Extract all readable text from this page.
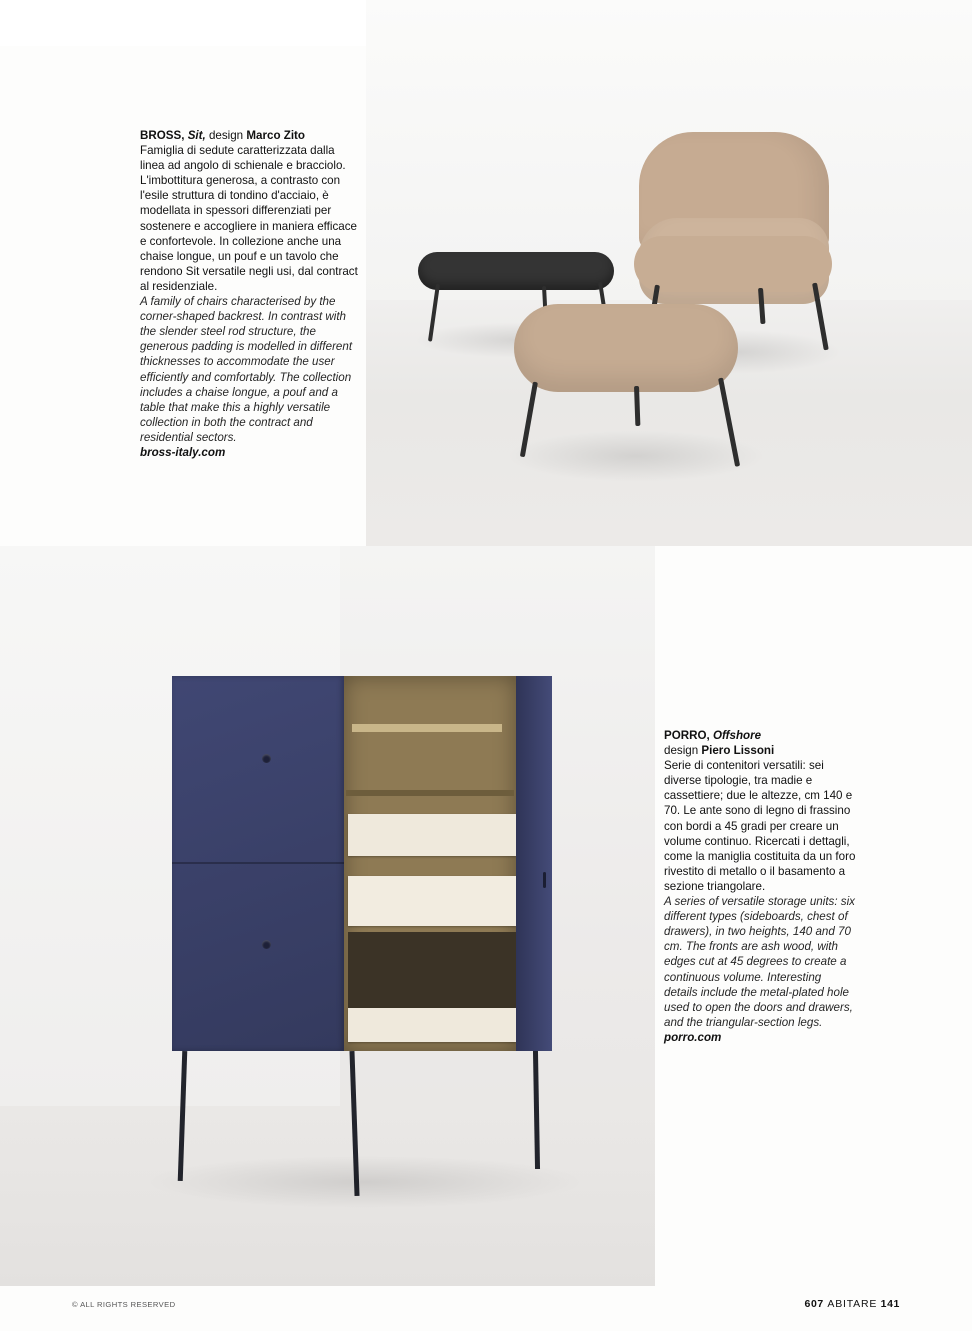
BROSS, Sit, design Marco Zito
Famiglia di sedute caratterizzata dalla linea ad angolo di schienale e bracciolo. L'imbottitura generosa, a contrasto con l'esile struttura di tondino d'acciaio, è modellata in spessori differenziati per sostenere e accogliere in maniera efficace e confortevole. In collezione anche una chaise longue, un pouf e un tavolo che rendono Sit versatile negli usi, dal contract al residenziale.
A family of chairs characterised by the corner-shaped backrest. In contrast with the slender steel rod structure, the generous padding is modelled in different thicknesses to accommodate the user efficiently and comfortably. The collection includes a chaise longue, a pouf and a table that make this a highly versatile collection in both the contract and residential sectors.
bross-italy.com
PORRO, Offshore
design Piero Lissoni
Serie di contenitori versatili: sei diverse tipologie, tra madie e cassettiere; due le altezze, cm 140 e 70. Le ante sono di legno di frassino con bordi a 45 gradi per creare un volume continuo. Ricercati i dettagli, come la maniglia costituita da un foro rivestito di metallo o il basamento a sezione triangolare.
A series of versatile storage units: six different types (sideboards, chest of drawers), in two heights, 140 and 70 cm. The fronts are ash wood, with edges cut at 45 degrees to create a continuous volume. Interesting details include the metal-plated hole used to open the doors and drawers, and the triangular-section legs.
porro.com
© ALL RIGHTS RESERVED	607 ABITARE 141
